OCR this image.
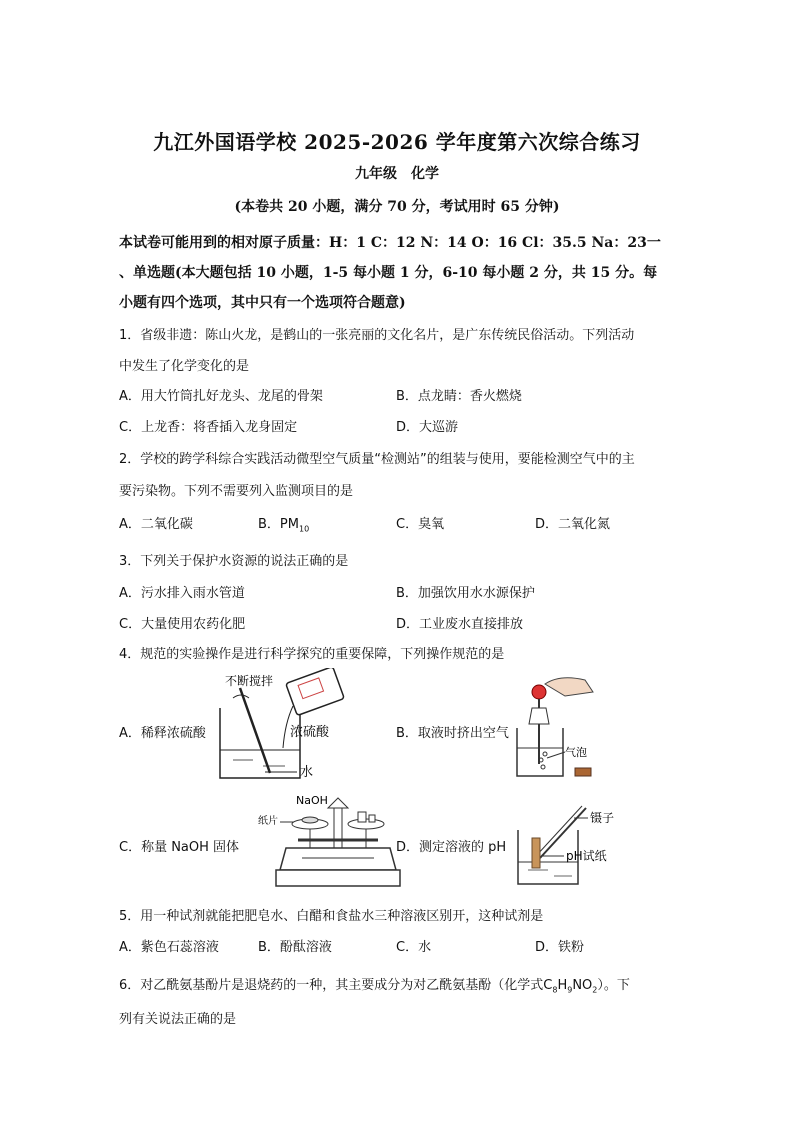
九江外国语学校 2025-2026 学年度第六次综合练习
九年级　化学
(本卷共 20 小题，满分 70 分，考试用时 65 分钟)
本试卷可能用到的相对原子质量：H：1 C：12 N：14 O：16 Cl：35.5 Na：23一
、单选题(本大题包括 10 小题，1-5 每小题 1 分，6-10 每小题 2 分，共 15 分。每
小题有四个选项，其中只有一个选项符合题意)
1．省级非遗：陈山火龙，是鹤山的一张亮丽的文化名片，是广东传统民俗活动。下列活动
中发生了化学变化的是
A．用大竹筒扎好龙头、龙尾的骨架	B．点龙睛：香火燃烧
C．上龙香：将香插入龙身固定	D．大巡游
2．学校的跨学科综合实践活动微型空气质量“检测站”的组装与使用，要能检测空气中的主
要污染物。下列不需要列入监测项目的是
A．二氧化碳	B．$PM_{10}$	C．臭氧	D．二氧化氮
3．下列关于保护水资源的说法正确的是
A．污水排入雨水管道	B．加强饮用水水源保护
C．大量使用农药化肥	D．工业废水直接排放
4．规范的实验操作是进行科学探究的重要保障，下列操作规范的是
A．稀释浓硫酸	B．取液时挤出空气
C．称量 NaOH 固体	D．测定溶液的 pH
不断搅拌
浓硫酸
水
气泡
NaOH
纸片	镊子
pH试纸
5．用一种试剂就能把肥皂水、白醋和食盐水三种溶液区别开，这种试剂是
A．紫色石蕊溶液	B．酚酞溶液	C．水	D．铁粉
6．对乙酰氨基酚片是退烧药的一种，其主要成分为对乙酰氨基酚（化学式$C_8H_9NO_2$）。下
列有关说法正确的是
